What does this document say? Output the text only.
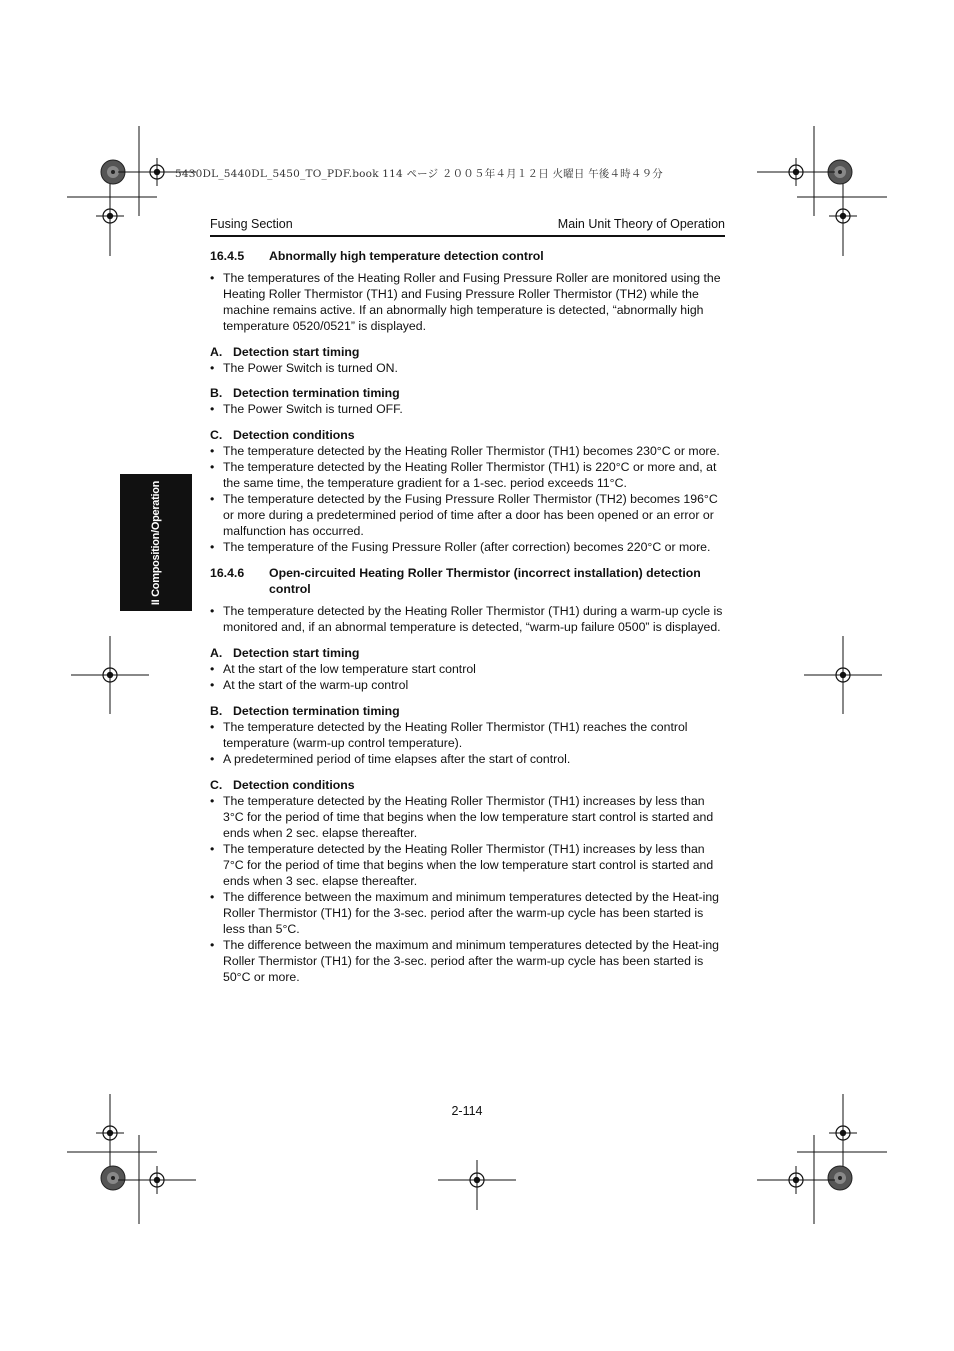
5430DL_5440DL_5450_TO_PDF.book 114 ページ ２００５年４月１２日 火曜日 午後４時４９分
Fusing Section	Main Unit Theory of Operation
II Composition/Operation
16.4.5	Abnormally high temperature detection control
• The temperatures of the Heating Roller and Fusing Pressure Roller are monitored using the Heating Roller Thermistor (TH1) and Fusing Pressure Roller Thermistor (TH2) while the machine remains active. If an abnormally high temperature is detected, “abnormally high temperature 0520/0521” is displayed.
A. Detection start timing
• The Power Switch is turned ON.
B. Detection termination timing
• The Power Switch is turned OFF.
C. Detection conditions
• The temperature detected by the Heating Roller Thermistor (TH1) becomes 230°C or more.
• The temperature detected by the Heating Roller Thermistor (TH1) is 220°C or more and, at the same time, the temperature gradient for a 1-sec. period exceeds 11°C.
• The temperature detected by the Fusing Pressure Roller Thermistor (TH2) becomes 196°C or more during a predetermined period of time after a door has been opened or an error or malfunction has occurred.
• The temperature of the Fusing Pressure Roller (after correction) becomes 220°C or more.
16.4.6	Open-circuited Heating Roller Thermistor (incorrect installation) detection control
• The temperature detected by the Heating Roller Thermistor (TH1) during a warm-up cycle is monitored and, if an abnormal temperature is detected, “warm-up failure 0500” is displayed.
A. Detection start timing
• At the start of the low temperature start control
• At the start of the warm-up control
B. Detection termination timing
• The temperature detected by the Heating Roller Thermistor (TH1) reaches the control temperature (warm-up control temperature).
• A predetermined period of time elapses after the start of control.
C. Detection conditions
• The temperature detected by the Heating Roller Thermistor (TH1) increases by less than 3°C for the period of time that begins when the low temperature start control is started and ends when 2 sec. elapse thereafter.
• The temperature detected by the Heating Roller Thermistor (TH1) increases by less than 7°C for the period of time that begins when the low temperature start control is started and ends when 3 sec. elapse thereafter.
• The difference between the maximum and minimum temperatures detected by the Heat-ing Roller Thermistor (TH1) for the 3-sec. period after the warm-up cycle has been started is less than 5°C.
• The difference between the maximum and minimum temperatures detected by the Heat-ing Roller Thermistor (TH1) for the 3-sec. period after the warm-up cycle has been started is 50°C or more.
2-114
